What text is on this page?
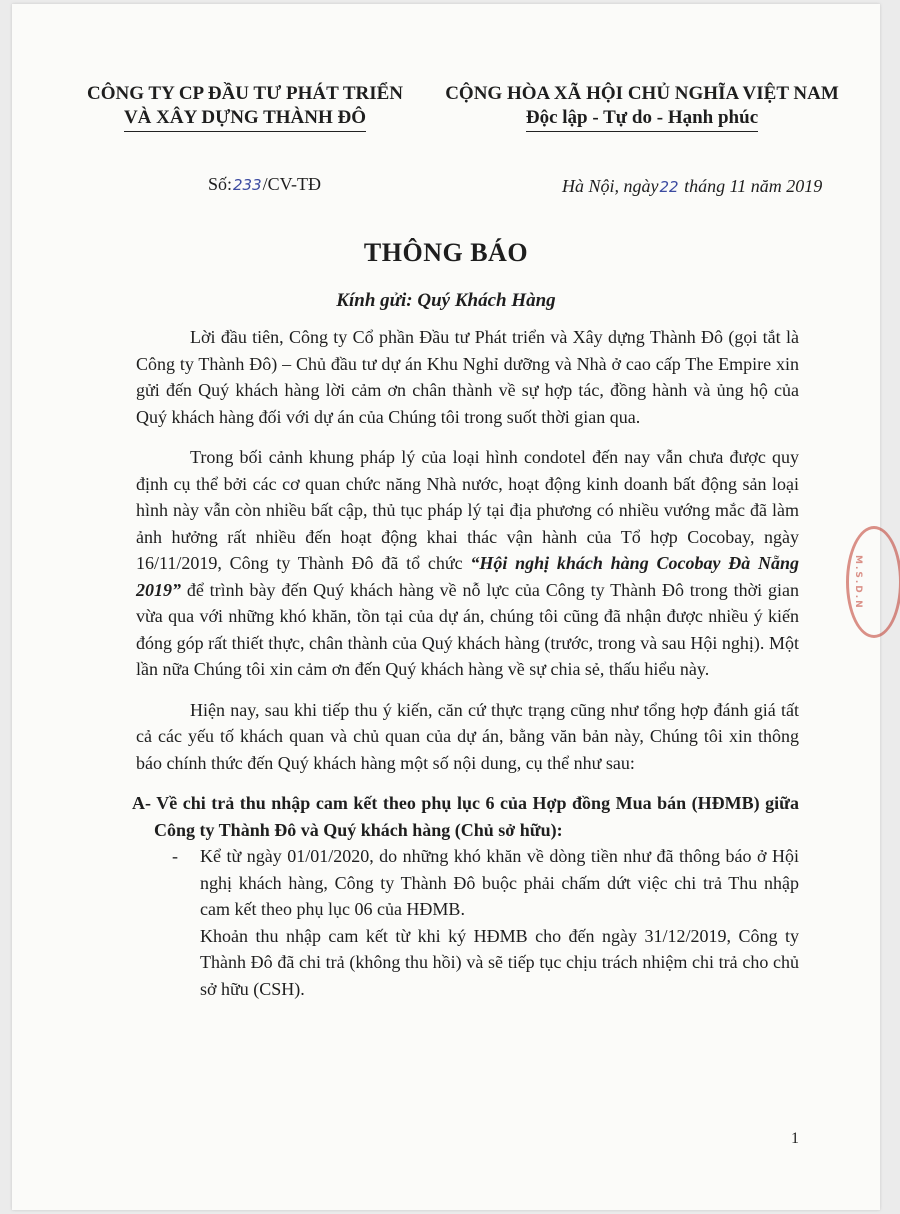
CÔNG TY CP ĐẦU TƯ PHÁT TRIỂN
VÀ XÂY DỰNG THÀNH ĐÔ
CỘNG HÒA XÃ HỘI CHỦ NGHĨA VIỆT NAM
Độc lập - Tự do - Hạnh phúc
Số:233/CV-TĐ	Hà Nội, ngày22 tháng 11 năm 2019
THÔNG BÁO
Kính gửi: Quý Khách Hàng

Lời đầu tiên, Công ty Cổ phần Đầu tư Phát triển và Xây dựng Thành Đô (gọi tắt là Công ty Thành Đô) – Chủ đầu tư dự án Khu Nghỉ dưỡng và Nhà ở cao cấp The Empire xin gửi đến Quý khách hàng lời cảm ơn chân thành về sự hợp tác, đồng hành và ủng hộ của Quý khách hàng đối với dự án của Chúng tôi trong suốt thời gian qua.

Trong bối cảnh khung pháp lý của loại hình condotel đến nay vẫn chưa được quy định cụ thể bởi các cơ quan chức năng Nhà nước, hoạt động kinh doanh bất động sản loại hình này vẫn còn nhiều bất cập, thủ tục pháp lý tại địa phương có nhiều vướng mắc đã làm ảnh hưởng rất nhiều đến hoạt động khai thác vận hành của Tổ hợp Cocobay, ngày 16/11/2019, Công ty Thành Đô đã tổ chức “Hội nghị khách hàng Cocobay Đà Nẵng 2019” để trình bày đến Quý khách hàng về nỗ lực của Công ty Thành Đô trong thời gian vừa qua với những khó khăn, tồn tại của dự án, chúng tôi cũng đã nhận được nhiều ý kiến đóng góp rất thiết thực, chân thành của Quý khách hàng (trước, trong và sau Hội nghị). Một lần nữa Chúng tôi xin cảm ơn đến Quý khách hàng về sự chia sẻ, thấu hiểu này.

Hiện nay, sau khi tiếp thu ý kiến, căn cứ thực trạng cũng như tổng hợp đánh giá tất cả các yếu tố khách quan và chủ quan của dự án, bằng văn bản này, Chúng tôi xin thông báo chính thức đến Quý khách hàng một số nội dung, cụ thể như sau:

A- Về chi trả thu nhập cam kết theo phụ lục 6 của Hợp đồng Mua bán (HĐMB) giữa Công ty Thành Đô và Quý khách hàng (Chủ sở hữu):
- Kể từ ngày 01/01/2020, do những khó khăn về dòng tiền như đã thông báo ở Hội nghị khách hàng, Công ty Thành Đô buộc phải chấm dứt việc chi trả Thu nhập cam kết theo phụ lục 06 của HĐMB.
Khoản thu nhập cam kết từ khi ký HĐMB cho đến ngày 31/12/2019, Công ty Thành Đô đã chi trả (không thu hồi) và sẽ tiếp tục chịu trách nhiệm chi trả cho chủ sở hữu (CSH).
1
M.S.D.N
